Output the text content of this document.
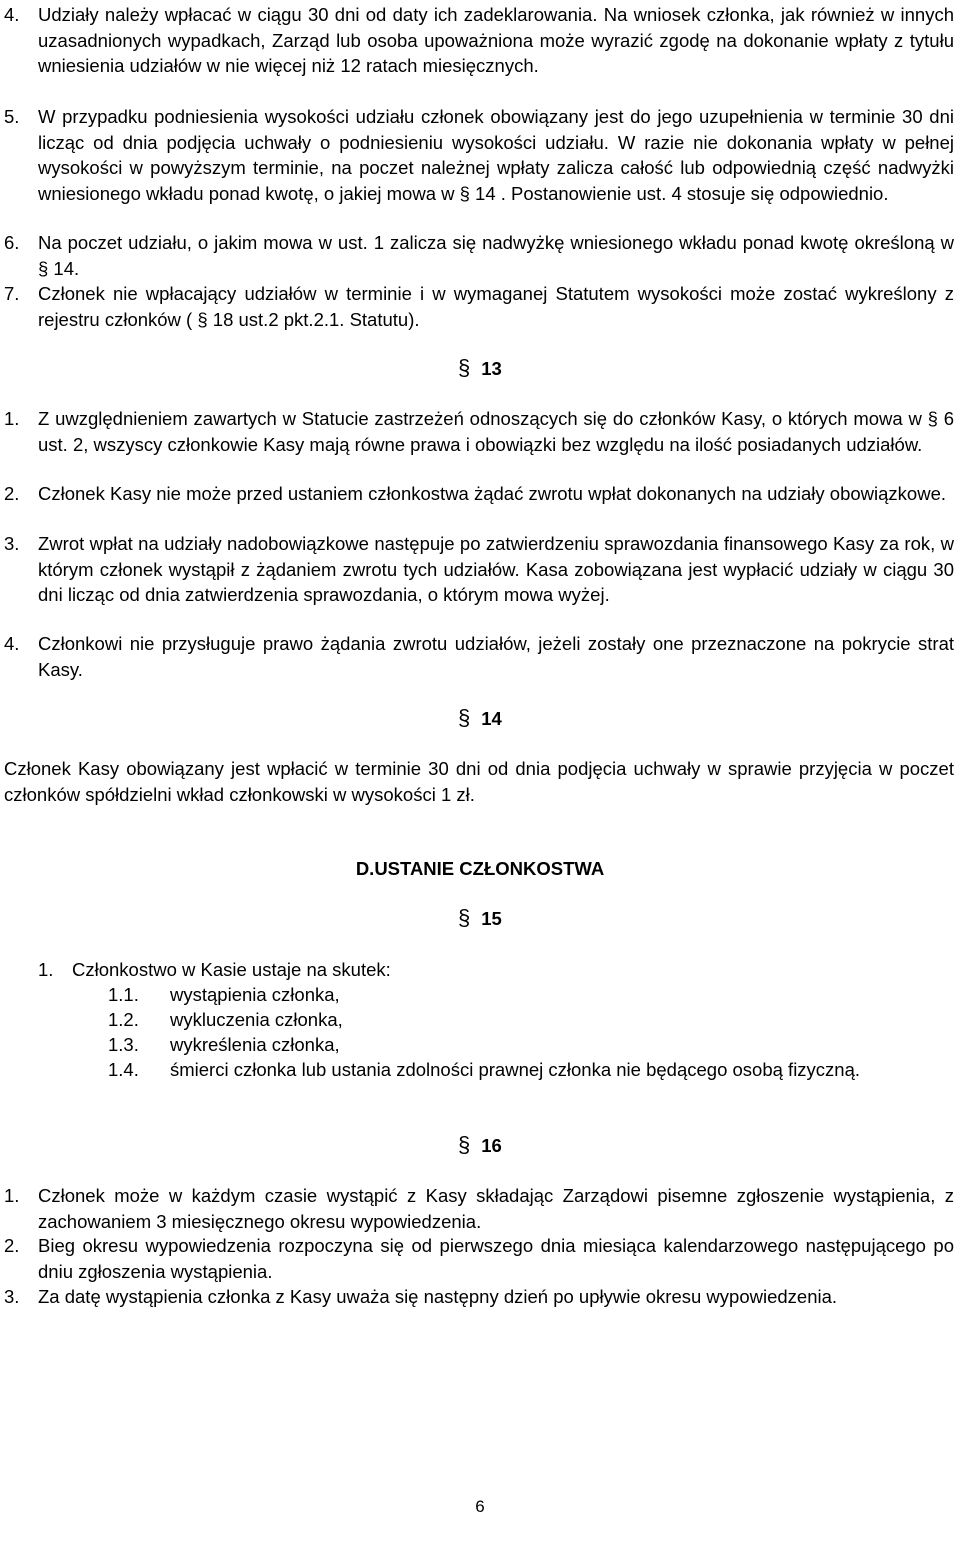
4. Udziały należy wpłacać w ciągu 30 dni od daty ich zadeklarowania. Na wniosek członka, jak również w innych uzasadnionych wypadkach, Zarząd lub osoba upoważniona może wyrazić zgodę na dokonanie wpłaty z tytułu wniesienia udziałów w nie więcej niż 12 ratach miesięcznych.
5. W przypadku podniesienia wysokości udziału członek obowiązany jest do jego uzupełnienia w terminie 30 dni licząc od dnia podjęcia uchwały o podniesieniu wysokości udziału. W razie nie dokonania wpłaty w pełnej wysokości w powyższym terminie, na poczet należnej wpłaty zalicza całość lub odpowiednią część nadwyżki wniesionego wkładu ponad kwotę, o jakiej mowa w § 14 . Postanowienie ust. 4 stosuje się odpowiednio.
6. Na poczet udziału, o jakim mowa w ust. 1 zalicza się nadwyżkę wniesionego wkładu ponad kwotę określoną w § 14.
7. Członek nie wpłacający udziałów w terminie i w wymaganej Statutem wysokości może zostać wykreślony z rejestru członków ( § 18 ust.2 pkt.2.1. Statutu).
§ 13
1. Z uwzględnieniem zawartych w Statucie zastrzeżeń odnoszących się do członków Kasy, o których mowa w § 6 ust. 2, wszyscy członkowie Kasy mają równe prawa i obowiązki bez względu na ilość posiadanych udziałów.
2. Członek Kasy nie może przed ustaniem członkostwa żądać zwrotu wpłat dokonanych na udziały obowiązkowe.
3. Zwrot wpłat na udziały nadobowiązkowe następuje po zatwierdzeniu sprawozdania finansowego Kasy za rok, w którym członek wystąpił z żądaniem zwrotu tych udziałów. Kasa zobowiązana jest wypłacić udziały w ciągu 30 dni licząc od dnia zatwierdzenia sprawozdania, o którym mowa wyżej.
4. Członkowi nie przysługuje prawo żądania zwrotu udziałów, jeżeli zostały one przeznaczone na pokrycie strat Kasy.
§ 14
Członek Kasy obowiązany jest wpłacić w terminie 30 dni od dnia podjęcia uchwały w sprawie przyjęcia w poczet członków spółdzielni wkład członkowski w wysokości 1 zł.
D.USTANIE CZŁONKOSTWA
§ 15
1. Członkostwo w Kasie ustaje na skutek:
1.1. wystąpienia członka,
1.2. wykluczenia członka,
1.3. wykreślenia członka,
1.4. śmierci członka lub ustania zdolności prawnej członka nie będącego osobą fizyczną.
§ 16
1. Członek może w każdym czasie wystąpić z Kasy składając Zarządowi pisemne zgłoszenie wystąpienia, z zachowaniem 3 miesięcznego okresu wypowiedzenia.
2. Bieg okresu wypowiedzenia rozpoczyna się od pierwszego dnia miesiąca kalendarzowego następującego po dniu zgłoszenia wystąpienia.
3. Za datę wystąpienia członka z Kasy uważa się następny dzień po upływie okresu wypowiedzenia.
6
